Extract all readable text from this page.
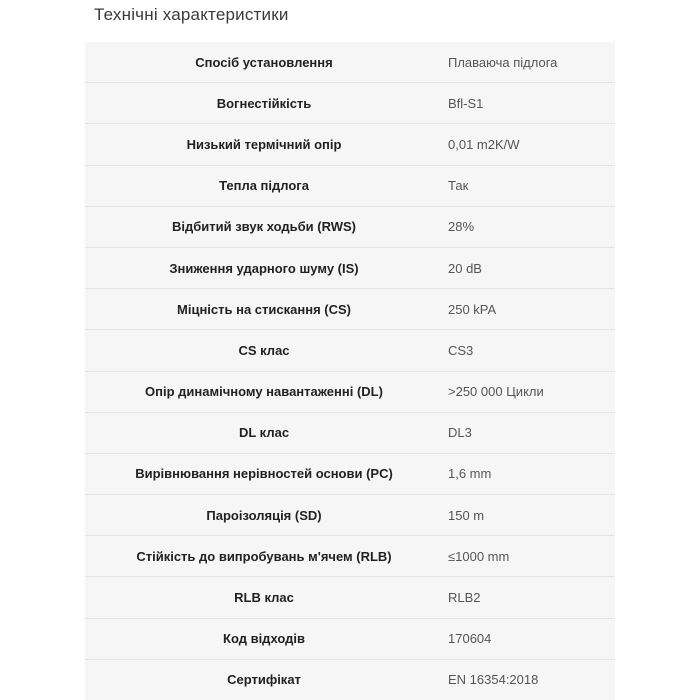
Технічні характеристики
Спосіб установлення	Плаваюча підлога
Вогнестійкість	Bfl-S1
Низький термічний опір	0,01 m2K/W
Тепла підлога	Так
Відбитий звук ходьби (RWS)	28%
Зниження ударного шуму (IS)	20 dB
Міцність на стискання (CS)	250 kPA
CS клас	CS3
Опір динамічному навантаженні (DL)	>250 000 Цикли
DL клас	DL3
Вирівнювання нерівностей основи (PC)	1,6 mm
Пароізоляція (SD)	150 m
Стійкість до випробувань м'ячем (RLB)	≤1000 mm
RLB клас	RLB2
Код відходів	170604
Сертифікат	EN 16354:2018
